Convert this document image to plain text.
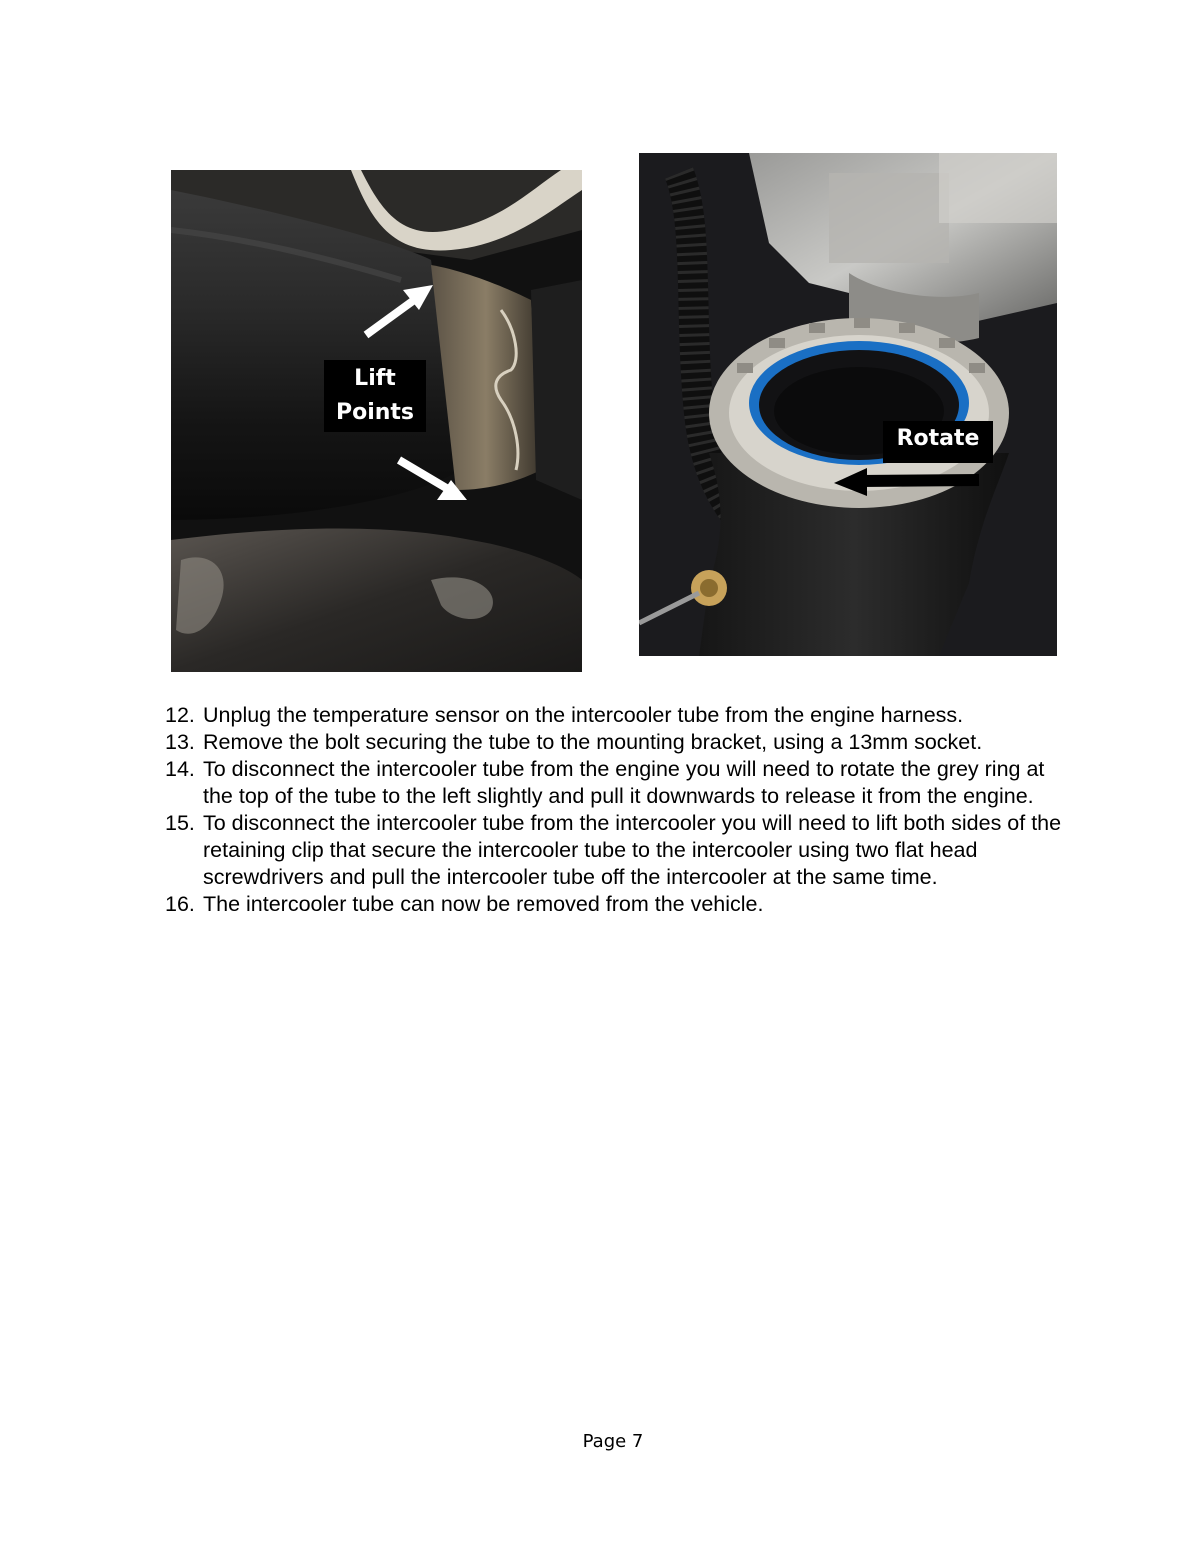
Lift
Points
Rotate
12. Unplug the temperature sensor on the intercooler tube from the engine harness.
13. Remove the bolt securing the tube to the mounting bracket, using a 13mm socket.
14. To disconnect the intercooler tube from the engine you will need to rotate the grey ring at the top of the tube to the left slightly and pull it downwards to release it from the engine.
15. To disconnect the intercooler tube from the intercooler you will need to lift both sides of the retaining clip that secure the intercooler tube to the intercooler using two flat head screwdrivers and pull the intercooler tube off the intercooler at the same time.
16. The intercooler tube can now be removed from the vehicle.
Page 7
